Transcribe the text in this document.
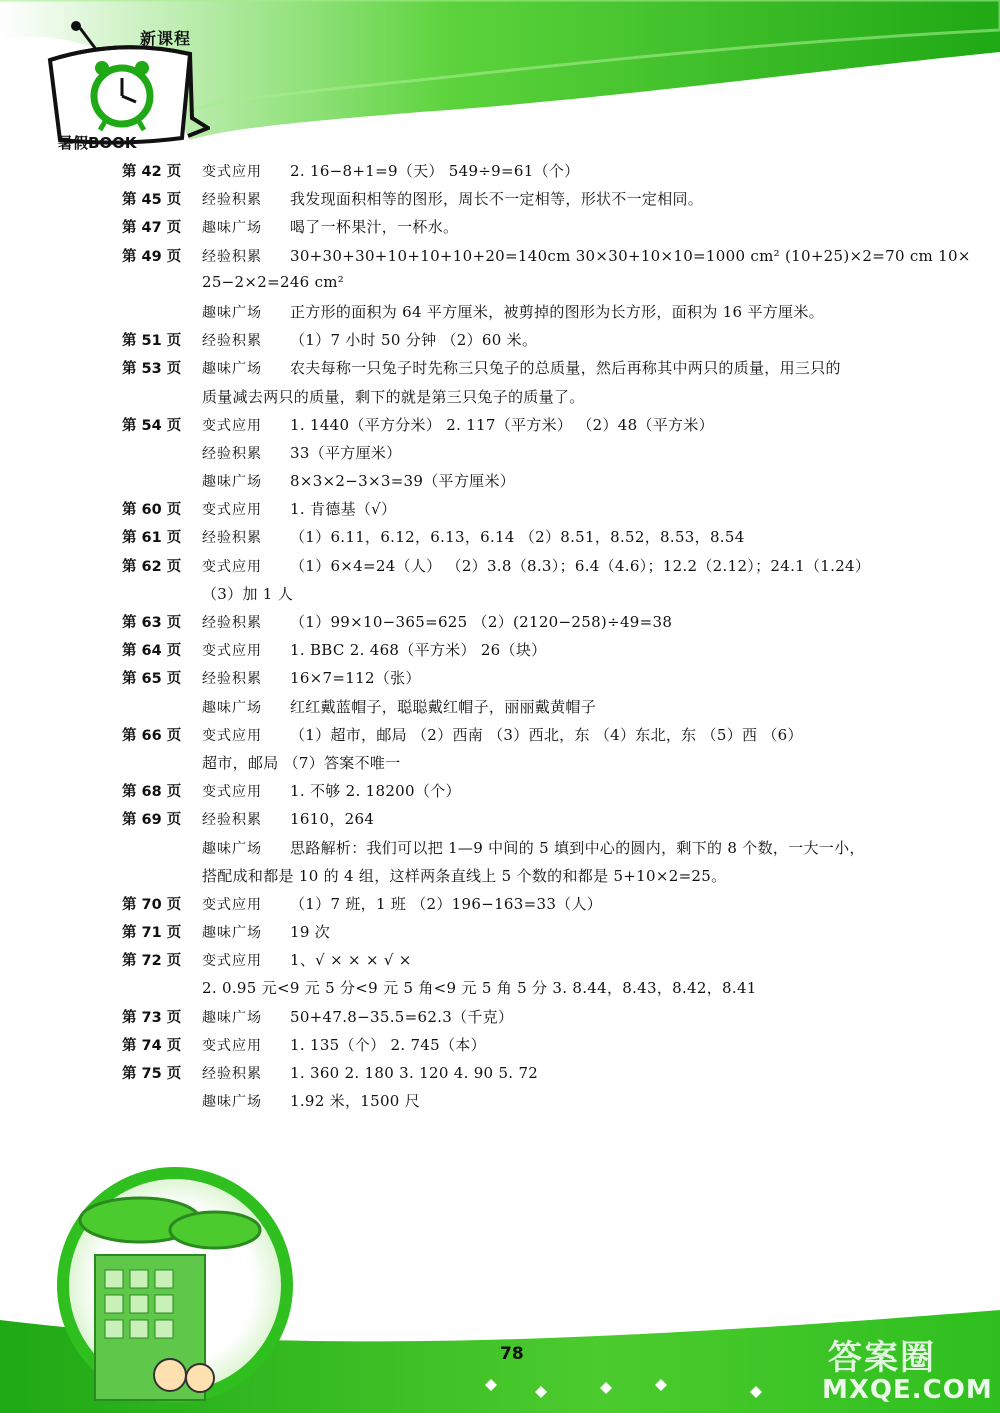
新课程
暑假BOOK
第 42 页	变式应用	2. 16−8+1=9（天） 549÷9=61（个）
第 45 页	经验积累	我发现面积相等的图形，周长不一定相等，形状不一定相同。
第 47 页	趣味广场	喝了一杯果汁，一杯水。
第 49 页	经验积累	30+30+30+10+10+10+20=140cm 30×30+10×10=1000 cm² (10+25)×2=70 cm 10×
25−2×2=246 cm²
趣味广场	正方形的面积为 64 平方厘米，被剪掉的图形为长方形，面积为 16 平方厘米。
第 51 页	经验积累	（1）7 小时 50 分钟 （2）60 米。
第 53 页	趣味广场	农夫每称一只兔子时先称三只兔子的总质量，然后再称其中两只的质量，用三只的
质量减去两只的质量，剩下的就是第三只兔子的质量了。
第 54 页	变式应用	1. 1440（平方分米） 2. 117（平方米） （2）48（平方米）
经验积累	33（平方厘米）
趣味广场	8×3×2−3×3=39（平方厘米）
第 60 页	变式应用	1. 肯德基（√）
第 61 页	经验积累	（1）6.11，6.12，6.13，6.14 （2）8.51，8.52，8.53，8.54
第 62 页	变式应用	（1）6×4=24（人） （2）3.8（8.3）；6.4（4.6）；12.2（2.12）；24.1（1.24）
（3）加 1 人
第 63 页	经验积累	（1）99×10−365=625 （2）(2120−258)÷49=38
第 64 页	变式应用	1. BBC 2. 468（平方米） 26（块）
第 65 页	经验积累	16×7=112（张）
趣味广场	红红戴蓝帽子，聪聪戴红帽子，丽丽戴黄帽子
第 66 页	变式应用	（1）超市，邮局 （2）西南 （3）西北，东 （4）东北，东 （5）西 （6）
超市，邮局 （7）答案不唯一
第 68 页	变式应用	1. 不够 2. 18200（个）
第 69 页	经验积累	1610，264
趣味广场	思路解析：我们可以把 1—9 中间的 5 填到中心的圆内，剩下的 8 个数，一大一小，
搭配成和都是 10 的 4 组，这样两条直线上 5 个数的和都是 5+10×2=25。
第 70 页	变式应用	（1）7 班，1 班 （2）196−163=33（人）
第 71 页	趣味广场	19 次
第 72 页	变式应用	1、√ × × × √ ×
2. 0.95 元<9 元 5 分<9 元 5 角<9 元 5 角 5 分 3. 8.44，8.43，8.42，8.41
第 73 页	趣味广场	50+47.8−35.5=62.3（千克）
第 74 页	变式应用	1. 135（个） 2. 745（本）
第 75 页	经验积累	1. 360 2. 180 3. 120 4. 90 5. 72
趣味广场	1.92 米，1500 尺
78	答案圈
MXQE.COM
